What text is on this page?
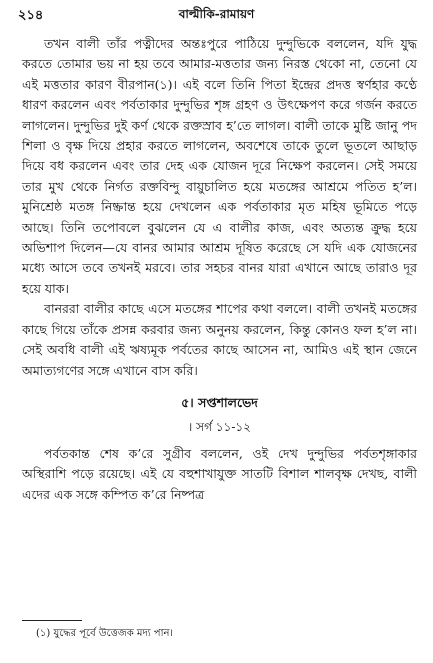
২১৪	বাল্মীকি-রামায়ণ

তখন বালী তাঁর পত্নীদের অন্তঃপুরে পাঠিয়ে দুন্দুভিকে বললেন, যদি যুদ্ধ করতে তোমার ভয় না হয় তবে আমার-মত্ততার জন্য নিরস্ত থেকো না, তেনো যে এই মত্ততার কারণ বীরপান(১)। এই বলে তিনি পিতা ইন্দ্রের প্রদত্ত স্বর্ণহার কণ্ঠে ধারণ করলেন এবং পর্বতাকার দুন্দুভির শৃঙ্গ গ্রহণ ও উৎক্ষেপণ করে গর্জন করতে লাগলেন। দুন্দুভির দুই কর্ণ থেকে রক্তস্রাব হ’তে লাগল। বালী তাকে মুষ্টি জানু পদ শিলা ও বৃক্ষ দিয়ে প্রহার করতে লাগলেন, অবশেষে তাকে তুলে ভূতলে আছাড় দিয়ে বধ করলেন এবং তার দেহ এক যোজন দূরে নিক্ষেপ করলেন। সেই সময়ে তার মুখ থেকে নির্গত রক্তবিন্দু বায়ুচালিত হয়ে মতঙ্গের আশ্রমে পতিত হ’ল। মুনিশ্রেষ্ঠ মতঙ্গ নিষ্ক্রান্ত হয়ে দেখলেন এক পর্বতাকার মৃত মহিষ ভূমিতে পড়ে আছে। তিনি তপোবলে বুঝলেন যে এ বালীর কাজ, এবং অত্যন্ত ক্রুদ্ধ হয়ে অভিশাপ দিলেন—যে বানর আমার আশ্রম দূষিত করেছে সে যদি এক যোজনের মধ্যে আসে তবে তখনই মরবে। তার সহচর বানর যারা এখানে আছে তারাও দূর হয়ে যাক।

বানররা বালীর কাছে এসে মতঙ্গের শাপের কথা বললে। বালী তখনই মতঙ্গের কাছে গিয়ে তাঁকে প্রসন্ন করবার জন্য অনুনয় করলেন, কিন্তু কোনও ফল হ’ল না। সেই অবধি বালী এই ঋষ্যমূক পর্বতের কাছে আসেন না, আমিও এই স্থান জেনে অমাত্যগণের সঙ্গে এখানে বাস করি।

৫। সপ্তশালভেদ

। সর্গ ১১-১২

পর্বতকান্ত শেষ ক’রে সুগ্রীব বললেন, ওই দেখ দুন্দুভির পর্বতশৃঙ্গাকার অস্থিরাশি পড়ে রয়েছে। এই যে বহুশাখাযুক্ত সাতটি বিশাল শালবৃক্ষ দেখছ, বালী এদের এক সঙ্গে কম্পিত ক’রে নিষ্পত্র

(১) যুদ্ধের পূর্বে উত্তেজক মদ্য পান।
